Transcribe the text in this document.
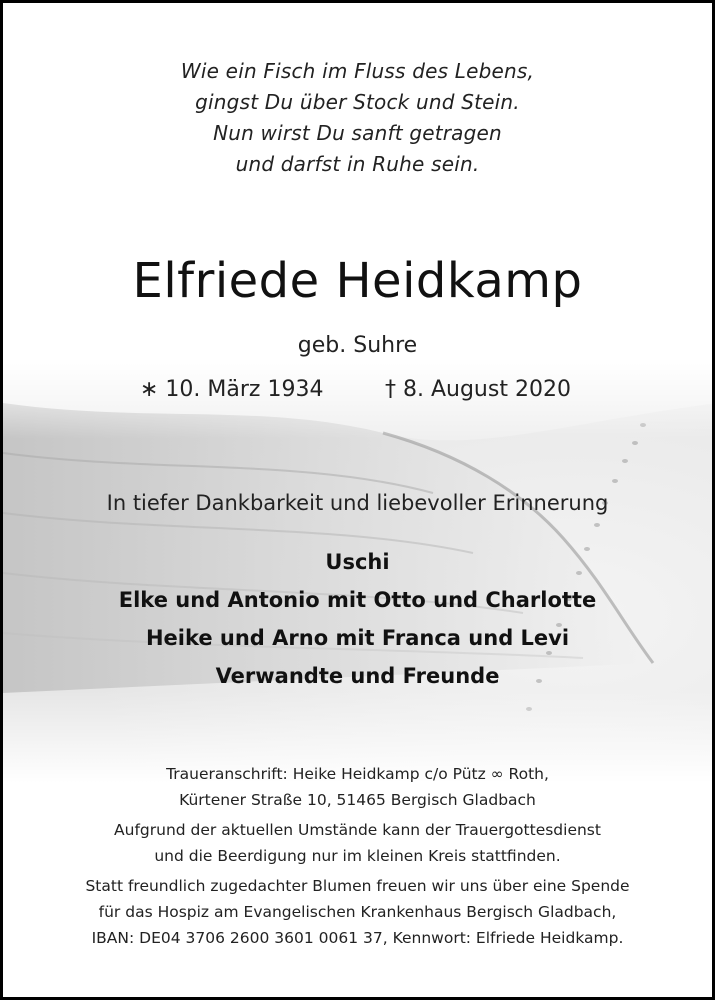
Wie ein Fisch im Fluss des Lebens,
gingst Du über Stock und Stein.
Nun wirst Du sanft getragen
und darfst in Ruhe sein.
Elfriede Heidkamp
geb. Suhre
∗ 10. März 1934	† 8. August 2020
In tiefer Dankbarkeit und liebevoller Erinnerung
Uschi
Elke und Antonio mit Otto und Charlotte
Heike und Arno mit Franca und Levi
Verwandte und Freunde
Traueranschrift: Heike Heidkamp c/o Pütz ∞ Roth,
Kürtener Straße 10, 51465 Bergisch Gladbach
Aufgrund der aktuellen Umstände kann der Trauergottesdienst
und die Beerdigung nur im kleinen Kreis stattfinden.
Statt freundlich zugedachter Blumen freuen wir uns über eine Spende
für das Hospiz am Evangelischen Krankenhaus Bergisch Gladbach,
IBAN: DE04 3706 2600 3601 0061 37, Kennwort: Elfriede Heidkamp.
